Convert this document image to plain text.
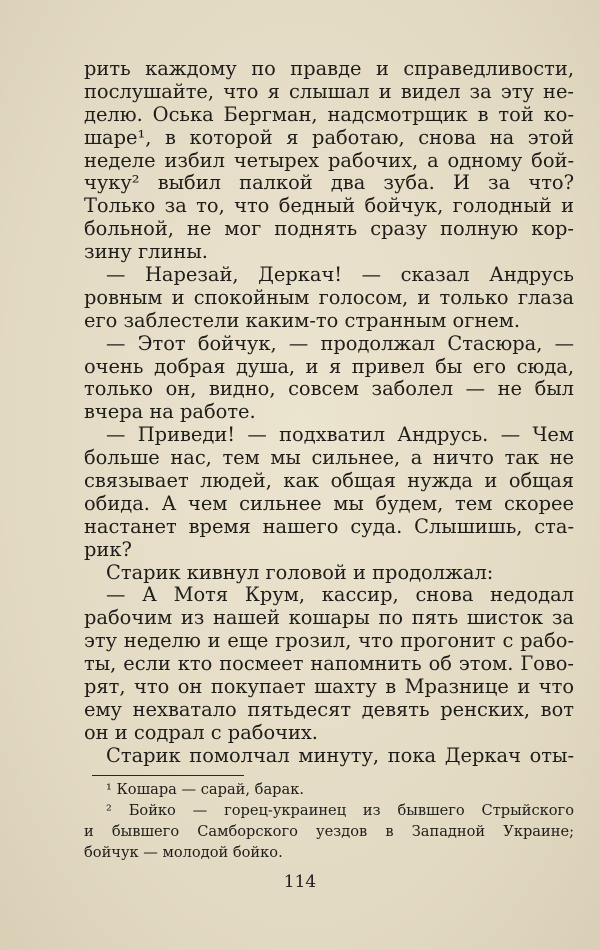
рить каждому по правде и справедливости,
послушайте, что я слышал и видел за эту не-
делю. Оська Бергман, надсмотрщик в той ко-
шаре¹, в которой я работаю, снова на этой
неделе избил четырех рабочих, а одному бой-
чуку² выбил палкой два зуба. И за что?
Только за то, что бедный бойчук, голодный и
больной, не мог поднять сразу полную кор-
зину глины.
— Нарезай, Деркач! — сказал Андрусь
ровным и спокойным голосом, и только глаза
его заблестели каким-то странным огнем.
— Этот бойчук, — продолжал Стасюра, —
очень добрая душа, и я привел бы его сюда,
только он, видно, совсем заболел — не был
вчера на работе.
— Приведи! — подхватил Андрусь. — Чем
больше нас, тем мы сильнее, а ничто так не
связывает людей, как общая нужда и общая
обида. А чем сильнее мы будем, тем скорее
настанет время нашего суда. Слышишь, ста-
рик?
Старик кивнул головой и продолжал:
— А Мотя Крум, кассир, снова недодал
рабочим из нашей кошары по пять шисток за
эту неделю и еще грозил, что прогонит с рабо-
ты, если кто посмеет напомнить об этом. Гово-
рят, что он покупает шахту в Мразнице и что
ему нехватало пятьдесят девять ренских, вот
он и содрал с рабочих.
Старик помолчал минуту, пока Деркач оты-
¹ Кошара — сарай, барак.
² Бойко — горец-украинец из бывшего Стрыйского
и бывшего Самборского уездов в Западной Украине;
бойчук — молодой бойко.
114
